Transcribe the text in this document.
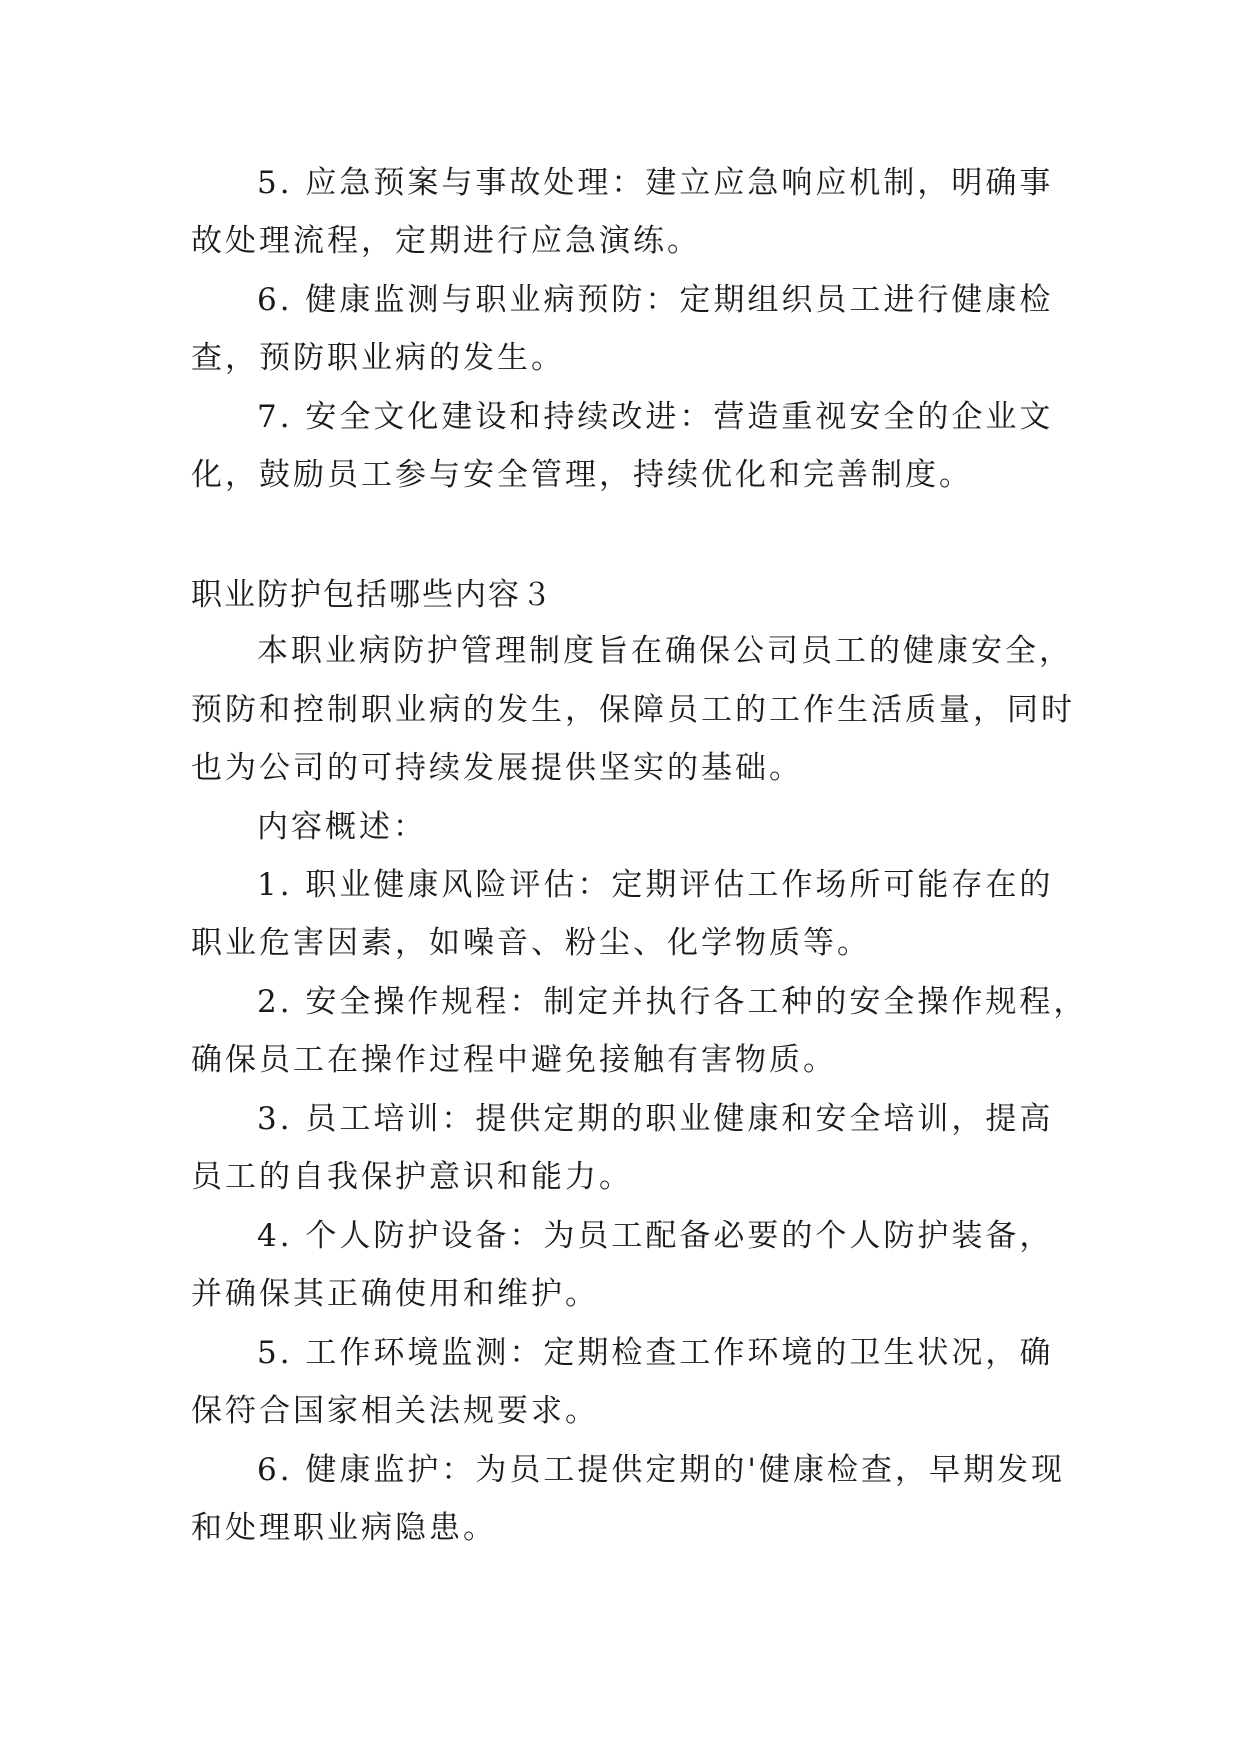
5. 应急预案与事故处理：建立应急响应机制，明确事
故处理流程，定期进行应急演练。
6. 健康监测与职业病预防：定期组织员工进行健康检
查，预防职业病的发生。
7. 安全文化建设和持续改进：营造重视安全的企业文
化，鼓励员工参与安全管理，持续优化和完善制度。
职业防护包括哪些内容３
本职业病防护管理制度旨在确保公司员工的健康安全，
预防和控制职业病的发生，保障员工的工作生活质量，同时
也为公司的可持续发展提供坚实的基础。
内容概述：
1. 职业健康风险评估：定期评估工作场所可能存在的
职业危害因素，如噪音、粉尘、化学物质等。
2. 安全操作规程：制定并执行各工种的安全操作规程，
确保员工在操作过程中避免接触有害物质。
3. 员工培训：提供定期的职业健康和安全培训，提高
员工的自我保护意识和能力。
4. 个人防护设备：为员工配备必要的个人防护装备，
并确保其正确使用和维护。
5. 工作环境监测：定期检查工作环境的卫生状况，确
保符合国家相关法规要求。
6. 健康监护：为员工提供定期的'健康检查，早期发现
和处理职业病隐患。
